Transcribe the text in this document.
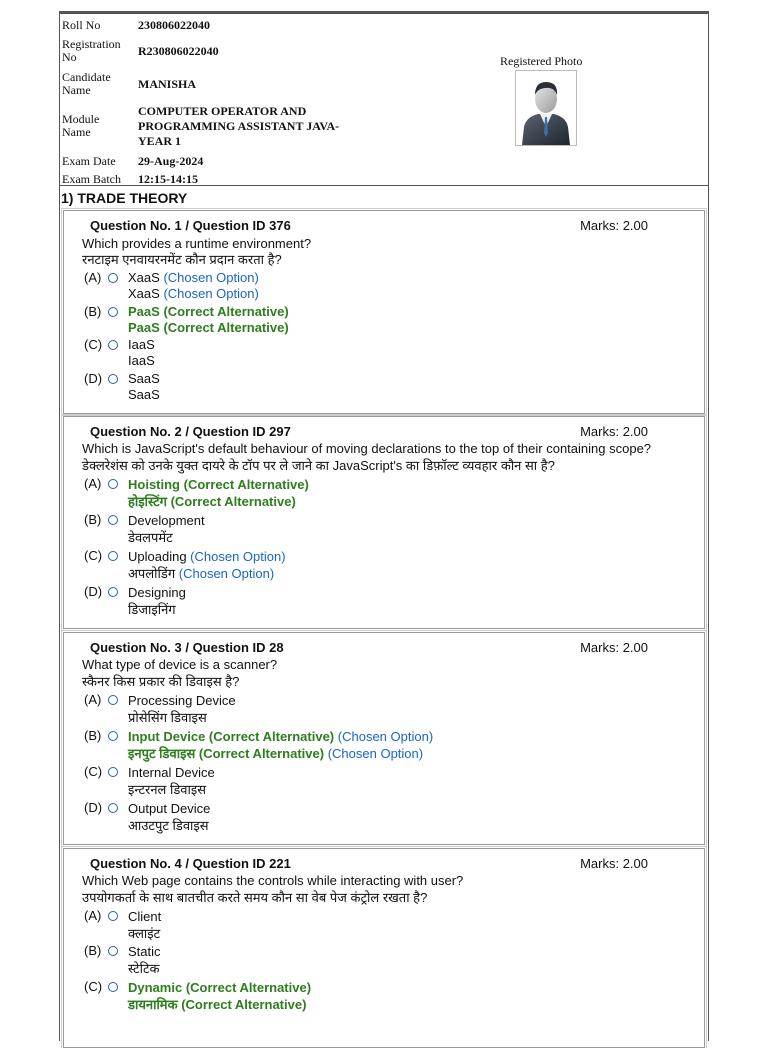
Roll No	230806022040
Registration
No	R230806022040
Candidate
Name	MANISHA
Module
Name	COMPUTER OPERATOR AND
PROGRAMMING ASSISTANT JAVA-
YEAR 1
Exam Date	29-Aug-2024
Exam Batch	12:15-14:15
Registered Photo
1) TRADE THEORY
Question No. 1 / Question ID 376	Marks: 2.00
Which provides a runtime environment?
रनटाइम एनवायरनमेंट कौन प्रदान करता है?
(A)	XaaS (Chosen Option)
XaaS (Chosen Option)
(B)	PaaS (Correct Alternative)
PaaS (Correct Alternative)
(C)	IaaS
IaaS
(D)	SaaS
SaaS
Question No. 2 / Question ID 297	Marks: 2.00
Which is JavaScript's default behaviour of moving declarations to the top of their containing scope?
डेक्लरेशंस को उनके युक्त दायरे के टॉप पर ले जाने का JavaScript's का डिफ़ॉल्ट व्यवहार कौन सा है?
(A)	Hoisting (Correct Alternative)
होइस्टिंग (Correct Alternative)
(B)	Development
डेवलपमेंट
(C)	Uploading (Chosen Option)
अपलोडिंग (Chosen Option)
(D)	Designing
डिजाइनिंग
Question No. 3 / Question ID 28	Marks: 2.00
What type of device is a scanner?
स्कैनर किस प्रकार की डिवाइस है?
(A)	Processing Device
प्रोसेसिंग डिवाइस
(B)	Input Device (Correct Alternative) (Chosen Option)
इनपुट डिवाइस (Correct Alternative) (Chosen Option)
(C)	Internal Device
इन्टरनल डिवाइस
(D)	Output Device
आउटपुट डिवाइस
Question No. 4 / Question ID 221	Marks: 2.00
Which Web page contains the controls while interacting with user?
उपयोगकर्ता के साथ बातचीत करते समय कौन सा वेब पेज कंट्रोल रखता है?
(A)	Client
क्लाइंट
(B)	Static
स्टेटिक
(C)	Dynamic (Correct Alternative)
डायनामिक (Correct Alternative)
